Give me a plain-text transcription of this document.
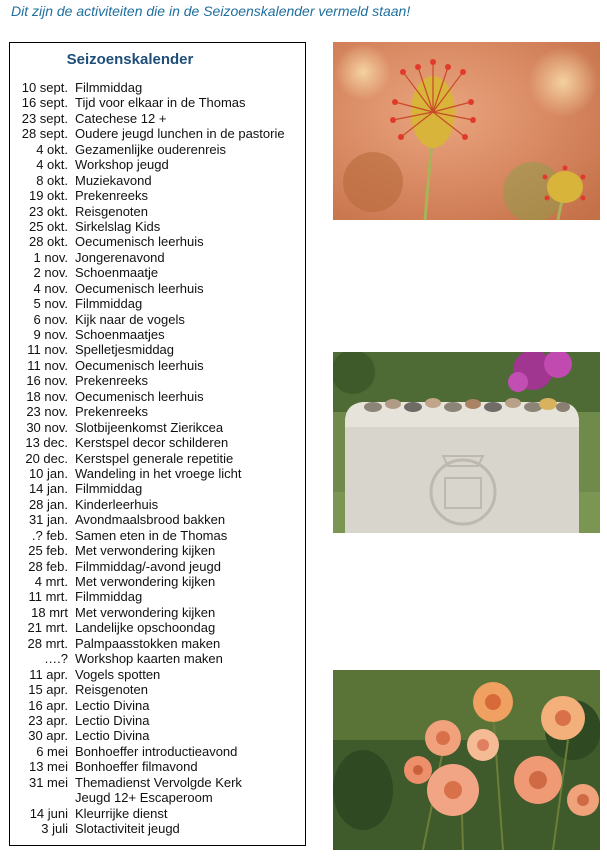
Dit zijn de activiteiten die in de Seizoenskalender vermeld staan!
Seizoenskalender
10 sept. Filmmiddag
16 sept. Tijd voor elkaar in de Thomas
23 sept. Catechese 12 +
28 sept. Oudere jeugd lunchen in de pastorie
4 okt. Gezamenlijke ouderenreis
4 okt. Workshop jeugd
8 okt. Muziekavond
19 okt. Prekenreeks
23 okt. Reisgenoten
25 okt. Sirkelslag Kids
28 okt. Oecumenisch leerhuis
1 nov. Jongerenavond
2 nov. Schoenmaatje
4 nov. Oecumenisch leerhuis
5 nov. Filmmiddag
6 nov. Kijk naar de vogels
9 nov. Schoenmaatjes
11 nov. Spelletjesmiddag
11 nov. Oecumenisch leerhuis
16 nov. Prekenreeks
18 nov. Oecumenisch leerhuis
23 nov. Prekenreeks
30 nov. Slotbijeenkomst Zierikcea
13 dec. Kerstspel decor schilderen
20 dec. Kerstspel generale repetitie
10 jan. Wandeling in het vroege licht
14 jan. Filmmiddag
28 jan. Kinderleerhuis
31 jan. Avondmaalsbrood bakken
.? feb. Samen eten in de Thomas
25 feb. Met verwondering kijken
28 feb. Filmmiddag/-avond jeugd
4 mrt. Met verwondering kijken
11 mrt. Filmmiddag
18 mrt Met verwondering kijken
21 mrt. Landelijke opschoondag
28 mrt. Palmpaasstokken maken
….? Workshop kaarten maken
11 apr. Vogels spotten
15 apr. Reisgenoten
16 apr. Lectio Divina
23 apr. Lectio Divina
30 apr. Lectio Divina
6 mei Bonhoeffer introductieavond
13 mei Bonhoeffer filmavond
31 mei Themadienst Vervolgde Kerk
Jeugd 12+ Escaperoom
14 juni Kleurrijke dienst
3 juli Slotactiviteit jeugd
